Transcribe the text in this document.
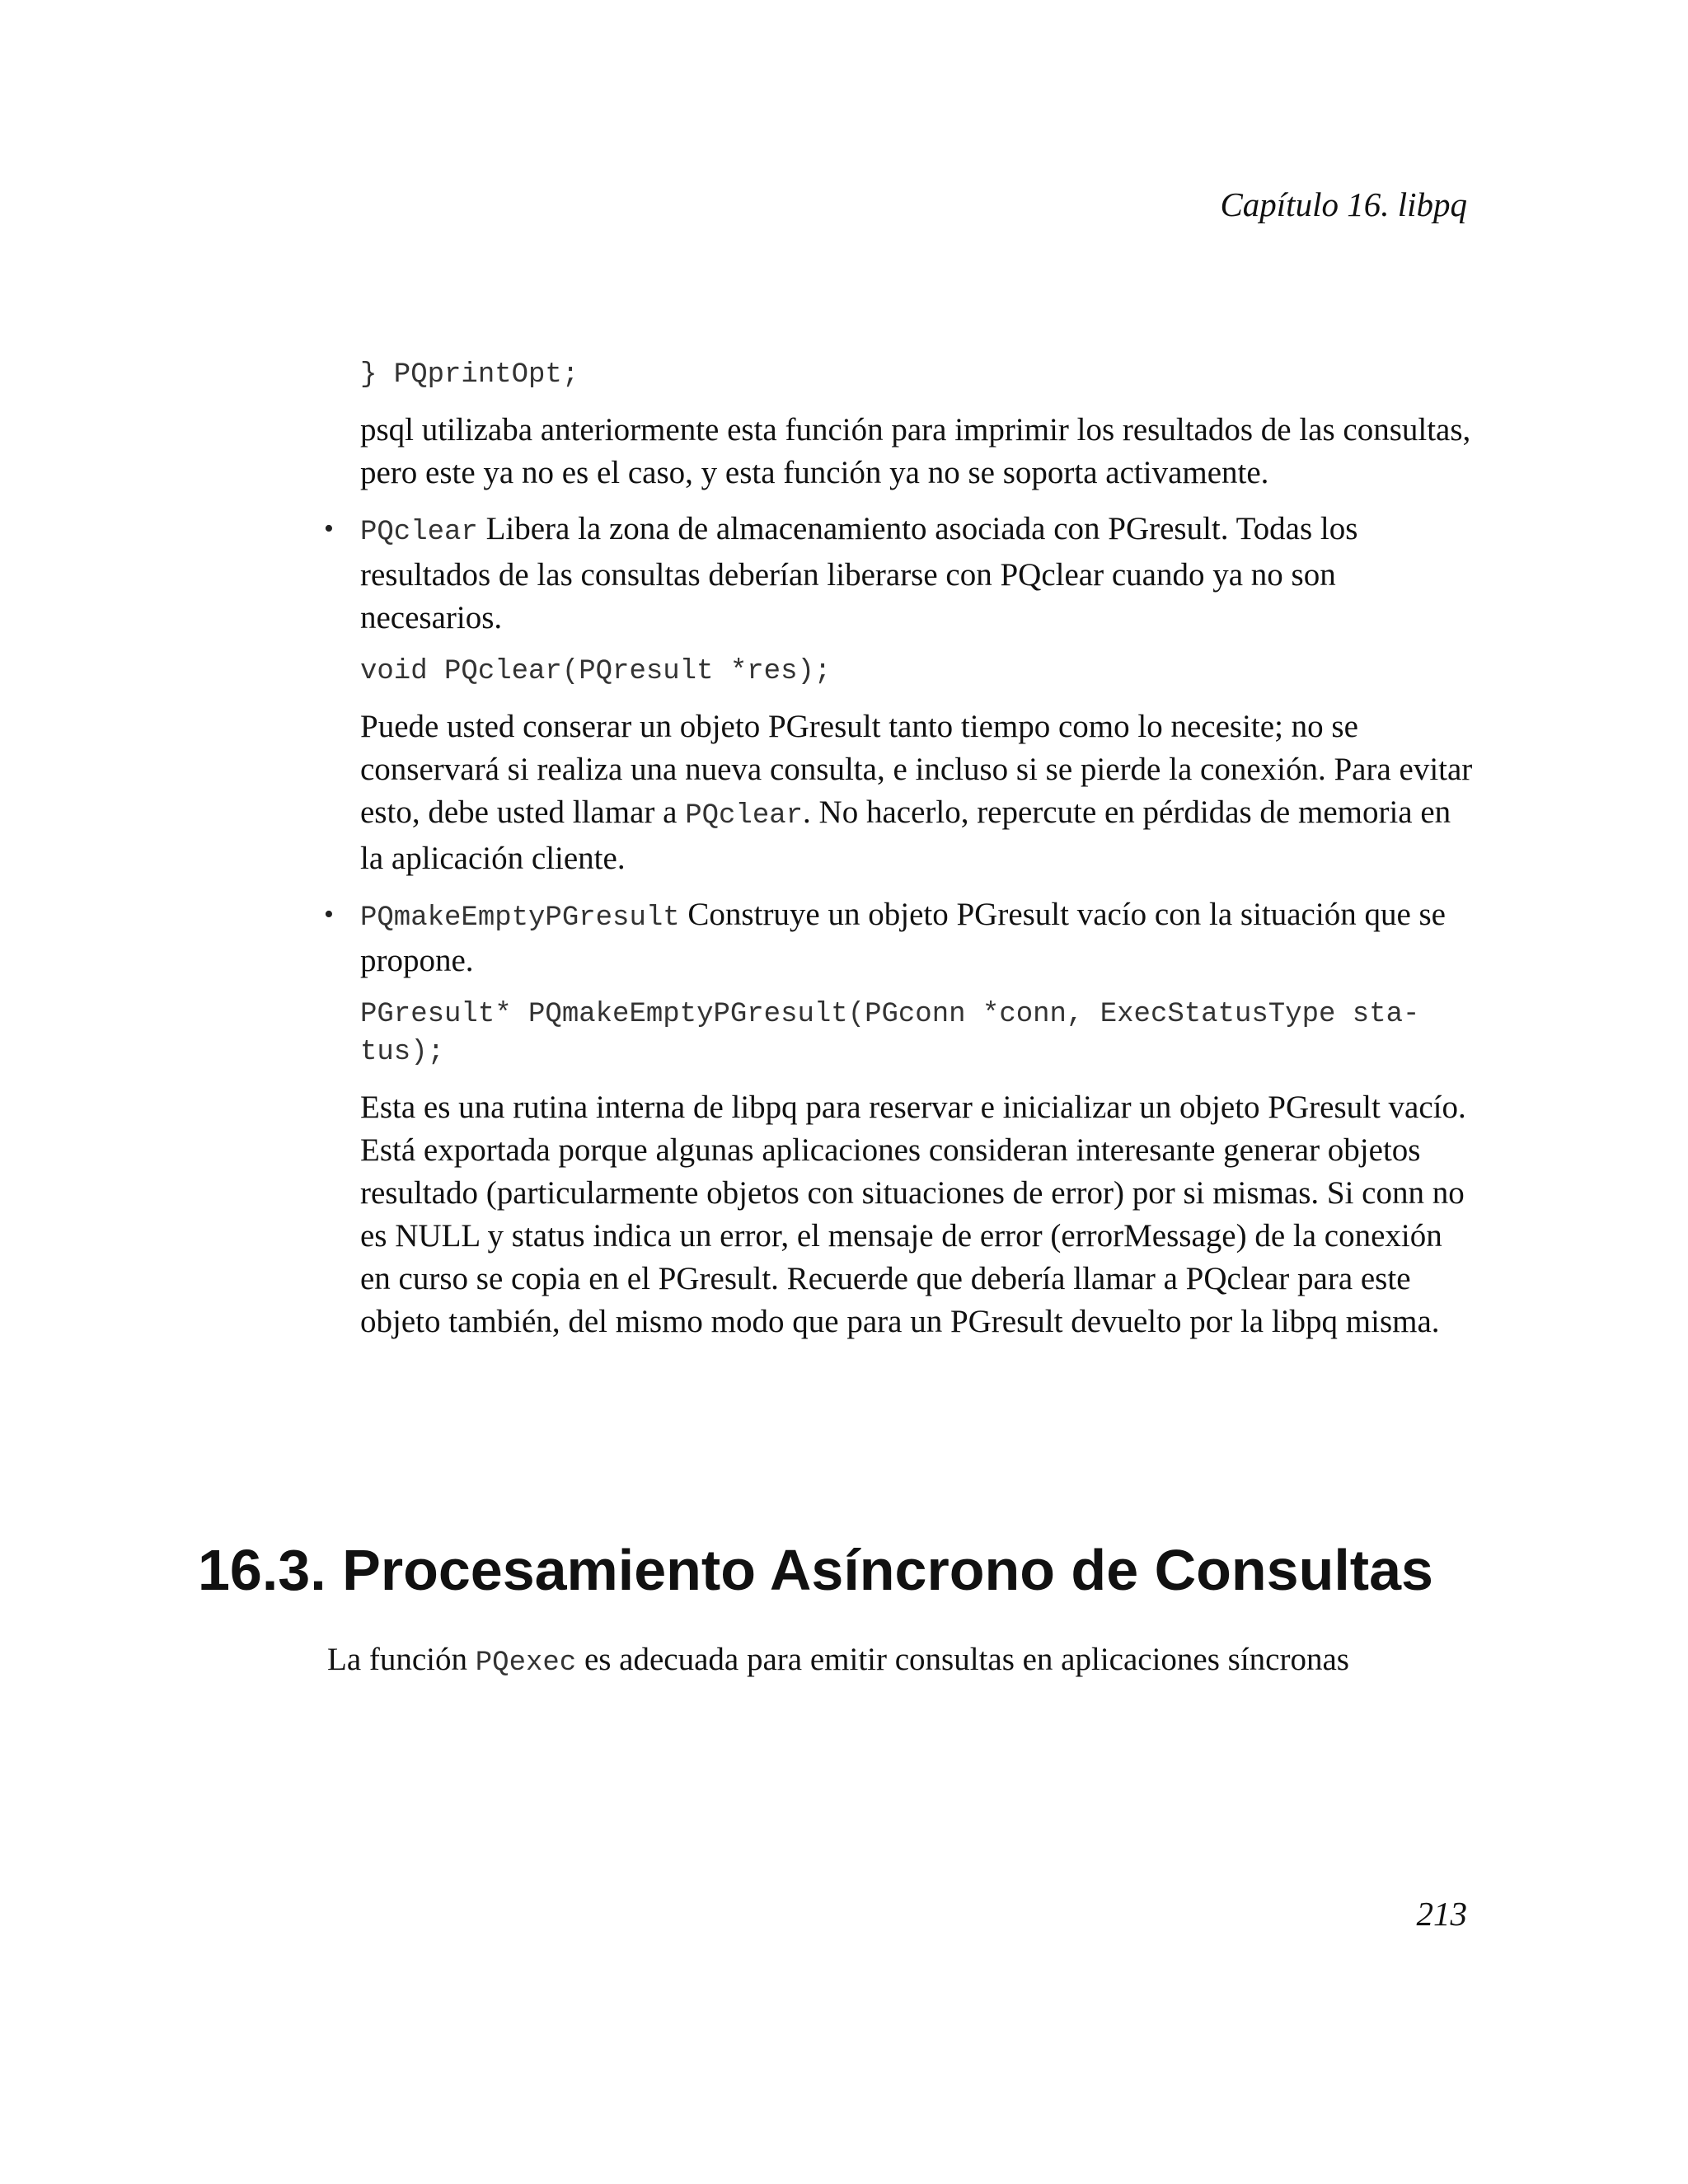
Capítulo 16. libpq
} PQprintOpt;

psql utilizaba anteriormente esta función para imprimir los resultados de las consultas, pero este ya no es el caso, y esta función ya no se soporta activamente.

• PQclear Libera la zona de almacenamiento asociada con PGresult. Todas los resultados de las consultas deberían liberarse con PQclear cuando ya no son necesarios.

void PQclear(PQresult *res);

Puede usted conserar un objeto PGresult tanto tiempo como lo necesite; no se conservará si realiza una nueva consulta, e incluso si se pierde la conexión. Para evitar esto, debe usted llamar a PQclear. No hacerlo, repercute en pérdidas de memoria en la aplicación cliente.

• PQmakeEmptyPGresult Construye un objeto PGresult vacío con la situación que se propone.

PGresult* PQmakeEmptyPGresult(PGconn *conn, ExecStatusType sta-
tus);

Esta es una rutina interna de libpq para reservar e inicializar un objeto PGresult vacío. Está exportada porque algunas aplicaciones consideran interesante generar objetos resultado (particularmente objetos con situaciones de error) por si mismas. Si conn no es NULL y status indica un error, el mensaje de error (errorMessage) de la conexión en curso se copia en el PGresult. Recuerde que debería llamar a PQclear para este objeto también, del mismo modo que para un PGresult devuelto por la libpq misma.

16.3. Procesamiento Asíncrono de Consultas

La función PQexec es adecuada para emitir consultas en aplicaciones síncronas

213
